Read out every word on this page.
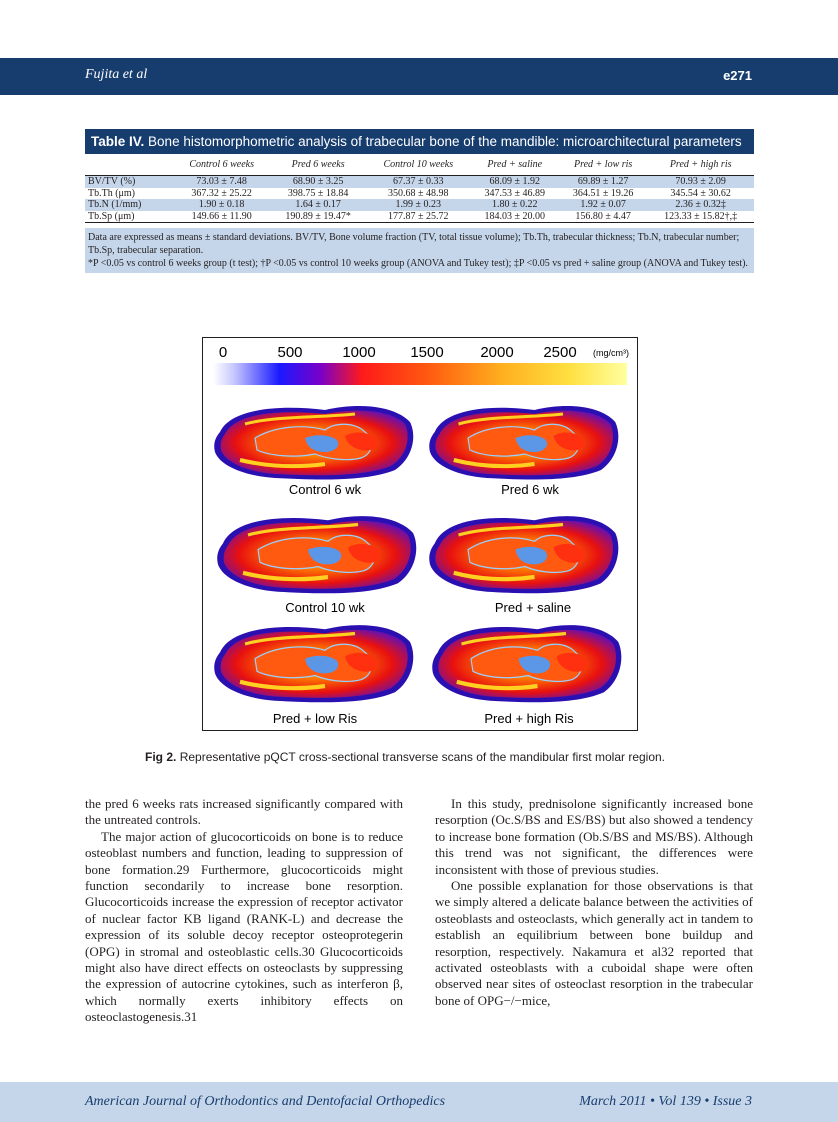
Fujita et al	e271
Table IV. Bone histomorphometric analysis of trabecular bone of the mandible: microarchitectural parameters
	Control 6 weeks	Pred 6 weeks	Control 10 weeks	Pred + saline	Pred + low ris	Pred + high ris
BV/TV (%)	73.03 ± 7.48	68.90 ± 3.25	67.37 ± 0.33	68.09 ± 1.92	69.89 ± 1.27	70.93 ± 2.09
Tb.Th (μm)	367.32 ± 25.22	398.75 ± 18.84	350.68 ± 48.98	347.53 ± 46.89	364.51 ± 19.26	345.54 ± 30.62
Tb.N (1/mm)	1.90 ± 0.18	1.64 ± 0.17	1.99 ± 0.23	1.80 ± 0.22	1.92 ± 0.07	2.36 ± 0.32‡
Tb.Sp (μm)	149.66 ± 11.90	190.89 ± 19.47*	177.87 ± 25.72	184.03 ± 20.00	156.80 ± 4.47	123.33 ± 15.82†,‡
Data are expressed as means ± standard deviations. BV/TV, Bone volume fraction (TV, total tissue volume); Tb.Th, trabecular thickness; Tb.N, trabecular number; Tb.Sp, trabecular separation.
*P <0.05 vs control 6 weeks group (t test); †P <0.05 vs control 10 weeks group (ANOVA and Tukey test); ‡P <0.05 vs pred + saline group (ANOVA and Tukey test).
0	500	1000 1500 2000 2500 (mg/cm³)
Control 6 wk	Pred 6 wk
Control 10 wk	Pred + saline
Pred + low Ris	Pred + high Ris
Fig 2. Representative pQCT cross-sectional transverse scans of the mandibular first molar region.

the pred 6 weeks rats increased significantly compared with the untreated controls.

The major action of glucocorticoids on bone is to reduce osteoblast numbers and function, leading to suppression of bone formation.29 Furthermore, glucocorticoids might function secondarily to increase bone resorption. Glucocorticoids increase the expression of receptor activator of nuclear factor KB ligand (RANK-L) and decrease the expression of its soluble decoy receptor osteoprotegerin (OPG) in stromal and osteoblastic cells.30 Glucocorticoids might also have direct effects on osteoclasts by suppressing the expression of autocrine cytokines, such as interferon β, which normally exerts inhibitory effects on osteoclastogenesis.31

In this study, prednisolone significantly increased bone resorption (Oc.S/BS and ES/BS) but also showed a tendency to increase bone formation (Ob.S/BS and MS/BS). Although this trend was not significant, the differences were inconsistent with those of previous studies.

One possible explanation for those observations is that we simply altered a delicate balance between the activities of osteoblasts and osteoclasts, which generally act in tandem to establish an equilibrium between bone buildup and resorption, respectively. Nakamura et al32 reported that activated osteoblasts with a cuboidal shape were often observed near sites of osteoclast resorption in the trabecular bone of OPG−/−mice,

American Journal of Orthodontics and Dentofacial Orthopedics	March 2011 • Vol 139 • Issue 3
